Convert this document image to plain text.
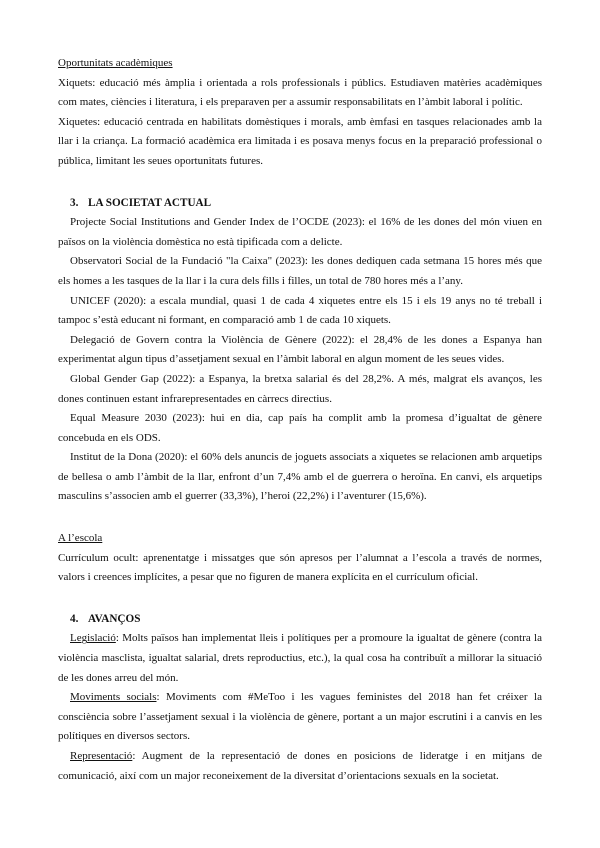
Oportunitats acadèmiques

Xiquets: educació més àmplia i orientada a rols professionals i públics. Estudiaven matèries acadèmiques com mates, ciències i literatura, i els preparaven per a assumir responsabilitats en l’àmbit laboral i polític.

Xiquetes: educació centrada en habilitats domèstiques i morals, amb èmfasi en tasques relacionades amb la llar i la criança. La formació acadèmica era limitada i es posava menys focus en la preparació professional o pública, limitant les seues oportunitats futures.

3. LA SOCIETAT ACTUAL

Projecte Social Institutions and Gender Index de l’OCDE (2023): el 16% de les dones del món viuen en països on la violència domèstica no està tipificada com a delicte.

Observatori Social de la Fundació "la Caixa" (2023): les dones dediquen cada setmana 15 hores més que els homes a les tasques de la llar i la cura dels fills i filles, un total de 780 hores més a l’any.

UNICEF (2020): a escala mundial, quasi 1 de cada 4 xiquetes entre els 15 i els 19 anys no té treball i tampoc s’està educant ni formant, en comparació amb 1 de cada 10 xiquets.

Delegació de Govern contra la Violència de Gènere (2022): el 28,4% de les dones a Espanya han experimentat algun tipus d’assetjament sexual en l’àmbit laboral en algun moment de les seues vides.

Global Gender Gap (2022): a Espanya, la bretxa salarial és del 28,2%. A més, malgrat els avanços, les dones continuen estant infrarepresentades en càrrecs directius.

Equal Measure 2030 (2023): hui en dia, cap país ha complit amb la promesa d’igualtat de gènere concebuda en els ODS.

Institut de la Dona (2020): el 60% dels anuncis de joguets associats a xiquetes se relacionen amb arquetips de bellesa o amb l’àmbit de la llar, enfront d’un 7,4% amb el de guerrera o heroïna. En canvi, els arquetips masculins s’associen amb el guerrer (33,3%), l’heroi (22,2%) i l’aventurer (15,6%).

A l’escola

Currículum ocult: aprenentatge i missatges que són apresos per l’alumnat a l’escola a través de normes, valors i creences implícites, a pesar que no figuren de manera explícita en el currículum oficial.

4. AVANÇOS

Legislació: Molts països han implementat lleis i polítiques per a promoure la igualtat de gènere (contra la violència masclista, igualtat salarial, drets reproductius, etc.), la qual cosa ha contribuït a millorar la situació de les dones arreu del món.

Moviments socials: Moviments com #MeToo i les vagues feministes del 2018 han fet créixer la consciència sobre l’assetjament sexual i la violència de gènere, portant a un major escrutini i a canvis en les polítiques en diversos sectors.

Representació: Augment de la representació de dones en posicions de lideratge i en mitjans de comunicació, així com un major reconeixement de la diversitat d’orientacions sexuals en la societat.
